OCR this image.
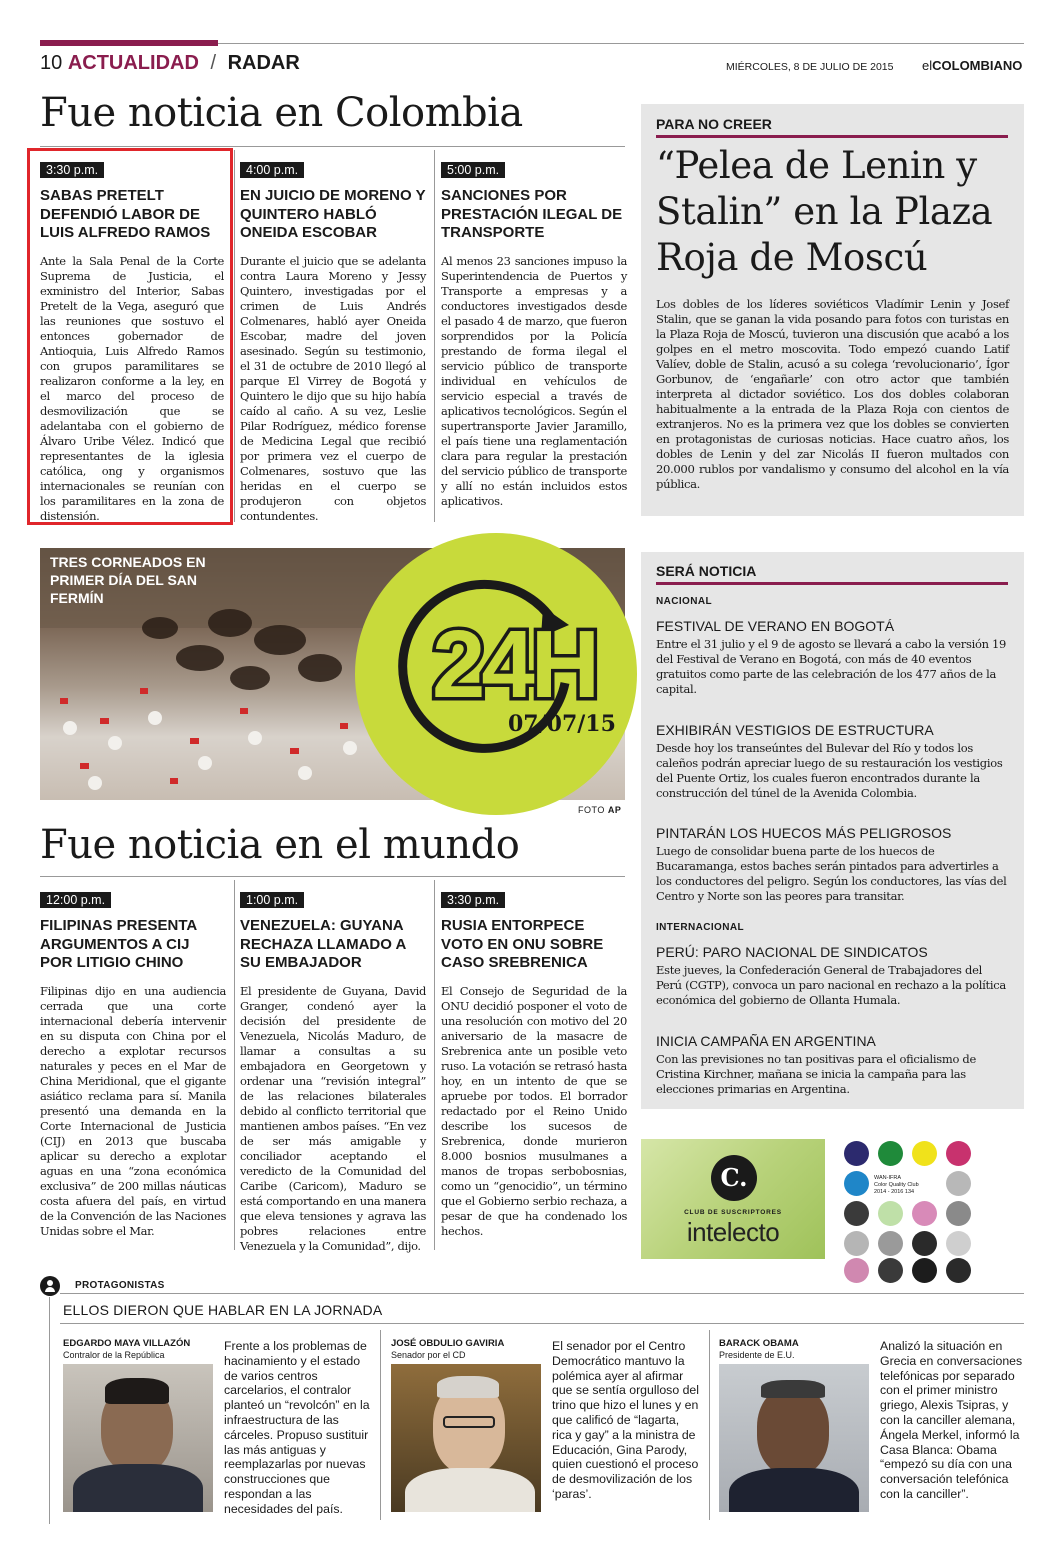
10 ACTUALIDAD / RADAR	MIÉRCOLES, 8 DE JULIO DE 2015 elCOLOMBIANO
Fue noticia en Colombia
3:30 p.m.
SABAS PRETELT DEFENDIÓ LABOR DE LUIS ALFREDO RAMOS
Ante la Sala Penal de la Corte Suprema de Justicia, el exministro del Interior, Sabas Pretelt de la Vega, aseguró que las reuniones que sostuvo el entonces gobernador de Antioquia, Luis Alfredo Ramos con grupos paramilitares se realizaron conforme a la ley, en el marco del proceso de desmovilización que se adelantaba con el gobierno de Álvaro Uribe Vélez. Indicó que representantes de la iglesia católica, ong y organismos internacionales se reunían con los paramilitares en la zona de distensión.
4:00 p.m.
EN JUICIO DE MORENO Y QUINTERO HABLÓ ONEIDA ESCOBAR
Durante el juicio que se adelanta contra Laura Moreno y Jessy Quintero, investigadas por el crimen de Luis Andrés Colmenares, habló ayer Oneida Escobar, madre del joven asesinado. Según su testimonio, el 31 de octubre de 2010 llegó al parque El Virrey de Bogotá y Quintero le dijo que su hijo había caído al caño. A su vez, Leslie Pilar Rodríguez, médico forense de Medicina Legal que recibió por primera vez el cuerpo de Colmenares, sostuvo que las heridas en el cuerpo se produjeron con objetos contundentes.
5:00 p.m.
SANCIONES POR PRESTACIÓN ILEGAL DE TRANSPORTE
Al menos 23 sanciones impuso la Superintendencia de Puertos y Transporte a empresas y a conductores investigados desde el pasado 4 de marzo, que fueron sorprendidos por la Policía prestando de forma ilegal el servicio público de transporte individual en vehículos de servicio especial a través de aplicativos tecnológicos. Según el supertransporte Javier Jaramillo, el país tiene una reglamentación clara para regular la prestación del servicio público de transporte y allí no están incluidos estos aplicativos.
PARA NO CREER
“Pelea de Lenin y Stalin” en la Plaza Roja de Moscú
Los dobles de los líderes soviéticos Vladímir Lenin y Josef Stalin, que se ganan la vida posando para fotos con turistas en la Plaza Roja de Moscú, tuvieron una discusión que acabó a los golpes en el metro moscovita. Todo empezó cuando Latif Valíev, doble de Stalin, acusó a su colega ‘revolucionario’, Ígor Gorbunov, de ‘engañarle’ con otro actor que también interpreta al dictador soviético. Los dos dobles colaboran habitualmente a la entrada de la Plaza Roja con cientos de extranjeros. No es la primera vez que los dobles se convierten en protagonistas de curiosas noticias. Hace cuatro años, los dobles de Lenin y del zar Nicolás II fueron multados con 20.000 rublos por vandalismo y consumo del alcohol en la vía pública.
TRES CORNEADOS EN PRIMER DÍA DEL SAN FERMÍN
24H
07/07/15
FOTO AP
SERÁ NOTICIA
NACIONAL
FESTIVAL DE VERANO EN BOGOTÁ
Entre el 31 julio y el 9 de agosto se llevará a cabo la versión 19 del Festival de Verano en Bogotá, con más de 40 eventos gratuitos como parte de las celebración de los 477 años de la capital.
EXHIBIRÁN VESTIGIOS DE ESTRUCTURA
Desde hoy los transeúntes del Bulevar del Río y todos los caleños podrán apreciar luego de su restauración los vestigios del Puente Ortiz, los cuales fueron encontrados durante la construcción del túnel de la Avenida Colombia.
PINTARÁN LOS HUECOS MÁS PELIGROSOS
Luego de consolidar buena parte de los huecos de Bucaramanga, estos baches serán pintados para advertirles a los conductores del peligro. Según los conductores, las vías del Centro y Norte son las peores para transitar.
INTERNACIONAL
PERÚ: PARO NACIONAL DE SINDICATOS
Este jueves, la Confederación General de Trabajadores del Perú (CGTP), convoca un paro nacional en rechazo a la política económica del gobierno de Ollanta Humala.
INICIA CAMPAÑA EN ARGENTINA
Con las previsiones no tan positivas para el oficialismo de Cristina Kirchner, mañana se inicia la campaña para las elecciones primarias en Argentina.
Fue noticia en el mundo
12:00 p.m.
FILIPINAS PRESENTA ARGUMENTOS A CIJ POR LITIGIO CHINO
Filipinas dijo en una audiencia cerrada que una corte internacional debería intervenir en su disputa con China por el derecho a explotar recursos naturales y peces en el Mar de China Meridional, que el gigante asiático reclama para sí. Manila presentó una demanda en la Corte Internacional de Justicia (CIJ) en 2013 que buscaba aplicar su derecho a explotar aguas en una “zona económica exclusiva” de 200 millas náuticas costa afuera del país, en virtud de la Convención de las Naciones Unidas sobre el Mar.
1:00 p.m.
VENEZUELA: GUYANA RECHAZA LLAMADO A SU EMBAJADOR
El presidente de Guyana, David Granger, condenó ayer la decisión del presidente de Venezuela, Nicolás Maduro, de llamar a consultas a su embajadora en Georgetown y ordenar una “revisión integral” de las relaciones bilaterales debido al conflicto territorial que mantienen ambos países. “En vez de ser más amigable y conciliador aceptando el veredicto de la Comunidad del Caribe (Caricom), Maduro se está comportando en una manera que eleva tensiones y agrava las pobres relaciones entre Venezuela y la Comunidad”, dijo.
3:30 p.m.
RUSIA ENTORPECE VOTO EN ONU SOBRE CASO SREBRENICA
El Consejo de Seguridad de la ONU decidió posponer el voto de una resolución con motivo del 20 aniversario de la masacre de Srebrenica ante un posible veto ruso. La votación se retrasó hasta hoy, en un intento de que se apruebe por todos. El borrador redactado por el Reino Unido describe los sucesos de Srebrenica, donde murieron 8.000 bosnios musulmanes a manos de tropas serbobosnias, como un “genocidio”, un término que el Gobierno serbio rechaza, a pesar de que ha condenado los hechos.
C.
CLUB DE SUSCRIPTORES
intelecto
WAN-IFRA
Color Quality Club
2014 - 2016 134
PROTAGONISTAS
ELLOS DIERON QUE HABLAR EN LA JORNADA
EDGARDO MAYA VILLAZÓN
Contralor de la República
Frente a los problemas de hacinamiento y el estado de varios centros carcelarios, el contralor planteó un “revolcón” en la infraestructura de las cárceles. Propuso sustituir las más antiguas y reemplazarlas por nuevas construcciones que respondan a las necesidades del país.
JOSÉ OBDULIO GAVIRIA
Senador por el CD
El senador por el Centro Democrático mantuvo la polémica ayer al afirmar que se sentía orgulloso del trino que hizo el lunes y en que calificó de “lagarta, rica y gay” a la ministra de Educación, Gina Parody, quien cuestionó el proceso de desmovilización de los ‘paras’.
BARACK OBAMA
Presidente de E.U.
Analizó la situación en Grecia en conversaciones telefónicas por separado con el primer ministro griego, Alexis Tsipras, y con la canciller alemana, Ángela Merkel, informó la Casa Blanca: Obama “empezó su día con una conversación telefónica con la canciller”.
